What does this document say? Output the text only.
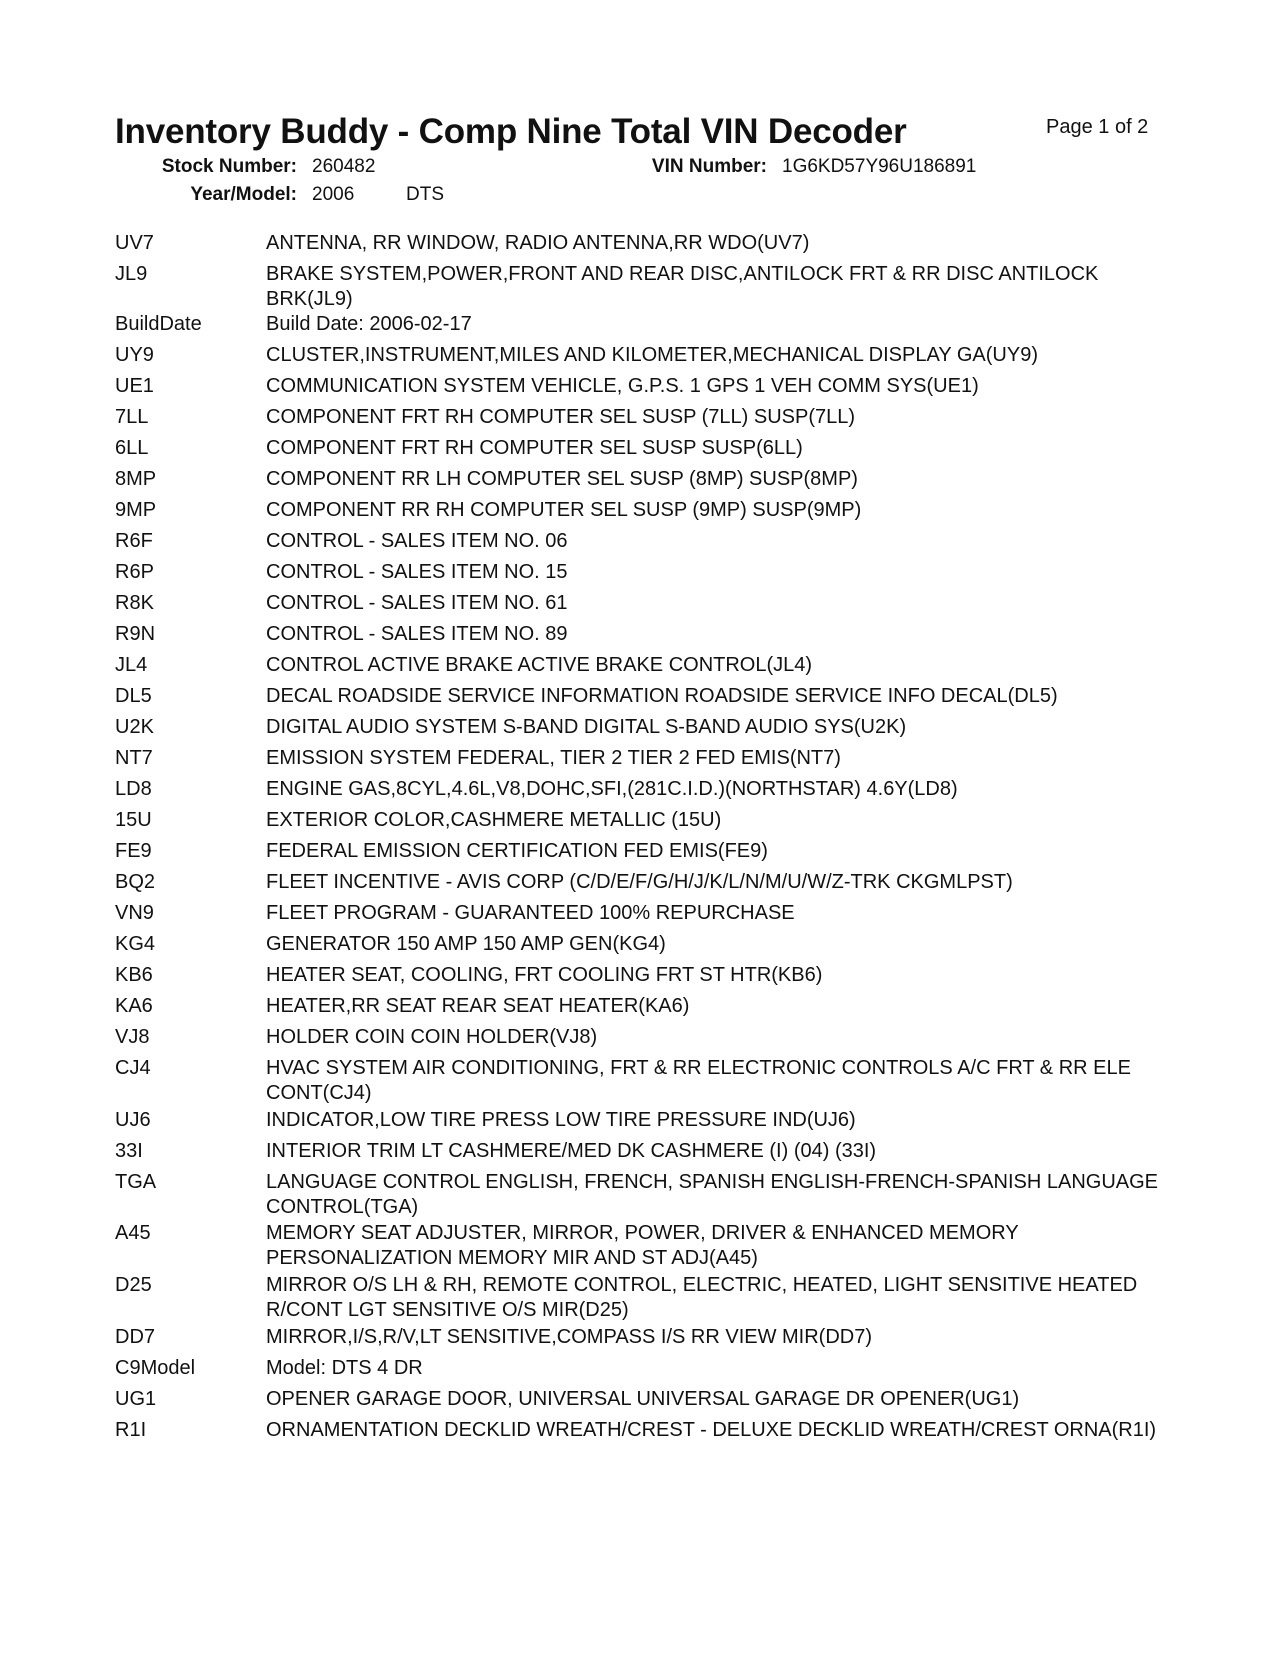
Inventory Buddy - Comp Nine Total VIN Decoder	Page 1 of 2
Stock Number: 260482	VIN Number: 1G6KD57Y96U186891
Year/Model: 2006	DTS
UV7	ANTENNA, RR WINDOW, RADIO ANTENNA,RR WDO(UV7)
JL9	BRAKE SYSTEM,POWER,FRONT AND REAR DISC,ANTILOCK FRT & RR DISC ANTILOCK BRK(JL9)
BuildDate	Build Date: 2006-02-17
UY9	CLUSTER,INSTRUMENT,MILES AND KILOMETER,MECHANICAL DISPLAY GA(UY9)
UE1	COMMUNICATION SYSTEM VEHICLE, G.P.S. 1 GPS 1 VEH COMM SYS(UE1)
7LL	COMPONENT FRT RH COMPUTER SEL SUSP (7LL) SUSP(7LL)
6LL	COMPONENT FRT RH COMPUTER SEL SUSP SUSP(6LL)
8MP	COMPONENT RR LH COMPUTER SEL SUSP (8MP) SUSP(8MP)
9MP	COMPONENT RR RH COMPUTER SEL SUSP (9MP) SUSP(9MP)
R6F	CONTROL - SALES ITEM NO. 06
R6P	CONTROL - SALES ITEM NO. 15
R8K	CONTROL - SALES ITEM NO. 61
R9N	CONTROL - SALES ITEM NO. 89
JL4	CONTROL ACTIVE BRAKE ACTIVE BRAKE CONTROL(JL4)
DL5	DECAL ROADSIDE SERVICE INFORMATION ROADSIDE SERVICE INFO DECAL(DL5)
U2K	DIGITAL AUDIO SYSTEM S-BAND DIGITAL S-BAND AUDIO SYS(U2K)
NT7	EMISSION SYSTEM FEDERAL, TIER 2 TIER 2 FED EMIS(NT7)
LD8	ENGINE GAS,8CYL,4.6L,V8,DOHC,SFI,(281C.I.D.)(NORTHSTAR) 4.6Y(LD8)
15U	EXTERIOR COLOR,CASHMERE METALLIC (15U)
FE9	FEDERAL EMISSION CERTIFICATION FED EMIS(FE9)
BQ2	FLEET INCENTIVE - AVIS CORP (C/D/E/F/G/H/J/K/L/N/M/U/W/Z-TRK CKGMLPST)
VN9	FLEET PROGRAM - GUARANTEED 100% REPURCHASE
KG4	GENERATOR 150 AMP 150 AMP GEN(KG4)
KB6	HEATER SEAT, COOLING, FRT COOLING FRT ST HTR(KB6)
KA6	HEATER,RR SEAT REAR SEAT HEATER(KA6)
VJ8	HOLDER COIN COIN HOLDER(VJ8)
CJ4	HVAC SYSTEM AIR CONDITIONING, FRT & RR ELECTRONIC CONTROLS A/C FRT & RR ELE CONT(CJ4)
UJ6	INDICATOR,LOW TIRE PRESS LOW TIRE PRESSURE IND(UJ6)
33I	INTERIOR TRIM LT CASHMERE/MED DK CASHMERE (I) (04) (33I)
TGA	LANGUAGE CONTROL ENGLISH, FRENCH, SPANISH ENGLISH-FRENCH-SPANISH LANGUAGE CONTROL(TGA)
A45	MEMORY SEAT ADJUSTER, MIRROR, POWER, DRIVER & ENHANCED MEMORY PERSONALIZATION MEMORY MIR AND ST ADJ(A45)
D25	MIRROR O/S LH & RH, REMOTE CONTROL, ELECTRIC, HEATED, LIGHT SENSITIVE HEATED R/CONT LGT SENSITIVE O/S MIR(D25)
DD7	MIRROR,I/S,R/V,LT SENSITIVE,COMPASS I/S RR VIEW MIR(DD7)
C9Model	Model: DTS 4 DR
UG1	OPENER GARAGE DOOR, UNIVERSAL UNIVERSAL GARAGE DR OPENER(UG1)
R1I	ORNAMENTATION DECKLID WREATH/CREST - DELUXE DECKLID WREATH/CREST ORNA(R1I)
